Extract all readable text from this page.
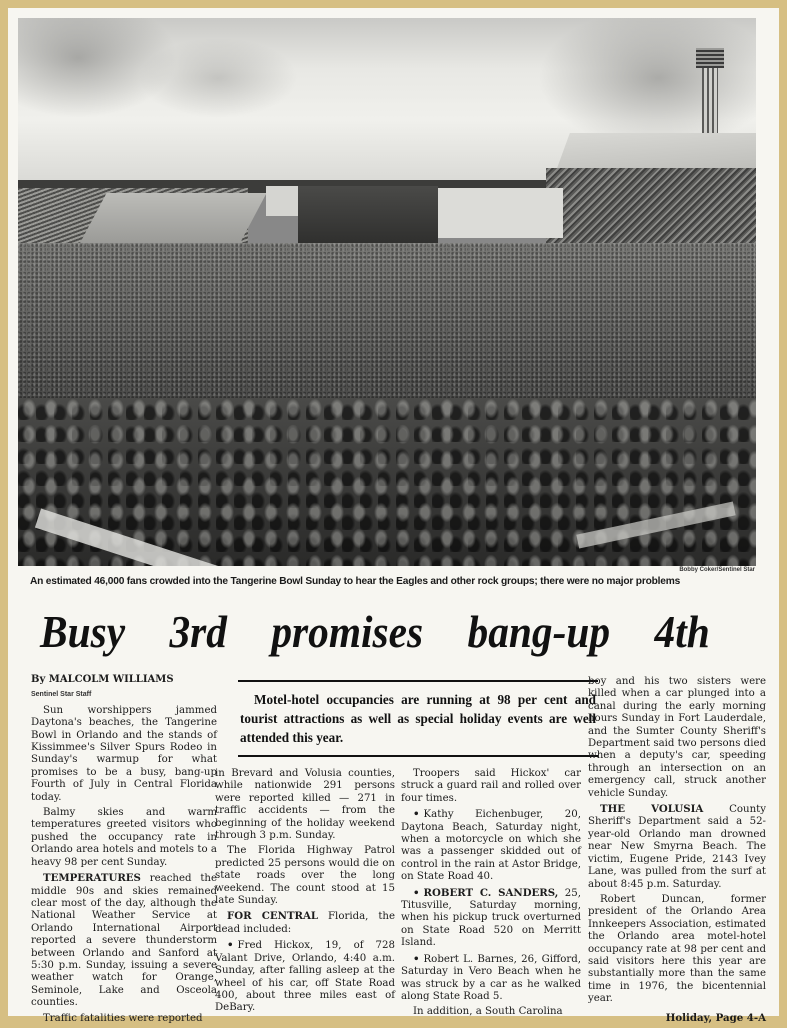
Bobby Coker/Sentinel Star
An estimated 46,000 fans crowded into the Tangerine Bowl Sunday to hear the Eagles and other rock groups; there were no major problems
Busy 3rd promises bang-up 4th

By MALCOLM WILLIAMS

Sentinel Star Staff

Sun worshippers jammed Daytona's beaches, the Tangerine Bowl in Orlando and the stands of Kissimmee's Silver Spurs Rodeo in Sunday's warmup for what promises to be a busy, bang-up Fourth of July in Central Florida today.

Balmy skies and warm temperatures greeted visitors who pushed the occupancy rate in Orlando area hotels and motels to a heavy 98 per cent Sunday.

TEMPERATURES reached the middle 90s and skies remained clear most of the day, although the National Weather Service at Orlando International Airport reported a severe thunderstorm between Orlando and Sanford at 5:30 p.m. Sunday, issuing a severe weather watch for Orange, Seminole, Lake and Osceola counties.

Traffic fatalities were reported

Motel-hotel occupancies are running at 98 per cent and tourist attractions as well as special holiday events are well attended this year.

in Brevard and Volusia counties, while nationwide 291 persons were reported killed — 271 in traffic accidents — from the beginning of the holiday weekend through 3 p.m. Sunday.

The Florida Highway Patrol predicted 25 persons would die on state roads over the long weekend. The count stood at 15 late Sunday.

FOR CENTRAL Florida, the dead included:

• Fred Hickox, 19, of 728 Valant Drive, Orlando, 4:40 a.m. Sunday, after falling asleep at the wheel of his car, off State Road 400, about three miles east of DeBary.

Troopers said Hickox' car struck a guard rail and rolled over four times.

• Kathy Eichenbuger, 20, Daytona Beach, Saturday night, when a motorcycle on which she was a passenger skidded out of control in the rain at Astor Bridge, on State Road 40.

• ROBERT C. SANDERS, 25, Titusville, Saturday morning, when his pickup truck overturned on State Road 520 on Merritt Island.

• Robert L. Barnes, 26, Gifford, Saturday in Vero Beach when he was struck by a car as he walked along State Road 5.

In addition, a South Carolina

boy and his two sisters were killed when a car plunged into a canal during the early morning hours Sunday in Fort Lauderdale, and the Sumter County Sheriff's Department said two persons died when a deputy's car, speeding through an intersection on an emergency call, struck another vehicle Sunday.

THE VOLUSIA County Sheriff's Department said a 52-year-old Orlando man drowned near New Smyrna Beach. The victim, Eugene Pride, 2143 Ivey Lane, was pulled from the surf at about 8:45 p.m. Saturday.

Robert Duncan, former president of the Orlando Area Innkeepers Association, estimated the Orlando area motel-hotel occupancy rate at 98 per cent and said visitors here this year are substantially more than the same time in 1976, the bicentennial year.

Holiday, Page 4-A
